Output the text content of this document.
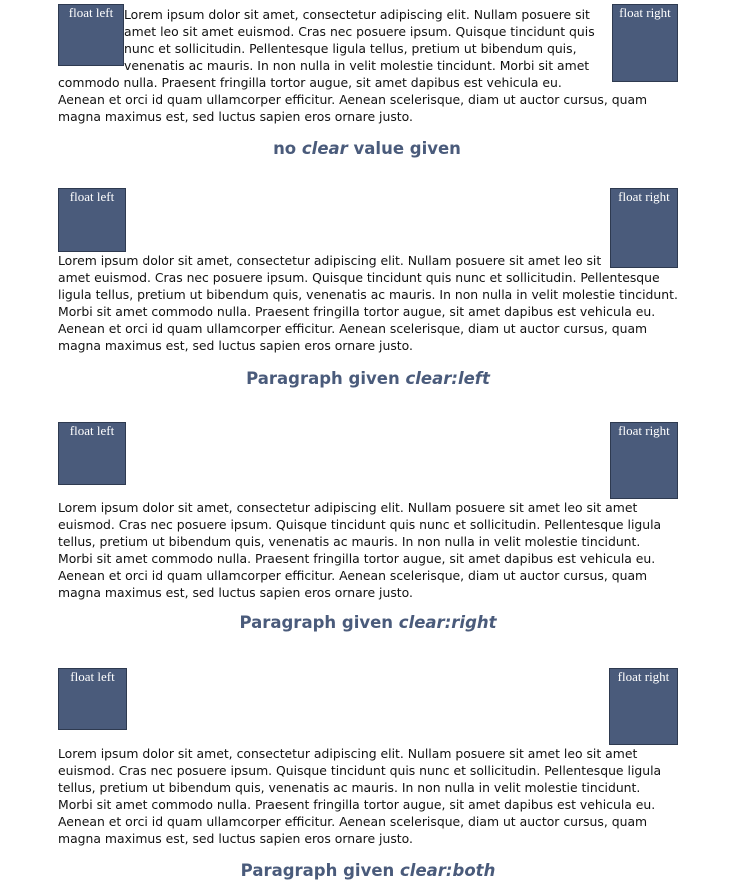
float left	float right

Lorem ipsum dolor sit amet, consectetur adipiscing elit. Nullam posuere sit amet leo sit amet euismod. Cras nec posuere ipsum. Quisque tincidunt quis nunc et sollicitudin. Pellentesque ligula tellus, pretium ut bibendum quis, venenatis ac mauris. In non nulla in velit molestie tincidunt. Morbi sit amet commodo nulla. Praesent fringilla tortor augue, sit amet dapibus est vehicula eu. Aenean et orci id quam ullamcorper efficitur. Aenean scelerisque, diam ut auctor cursus, quam magna maximus est, sed luctus sapien eros ornare justo.

no clear value given
float left	float right

Lorem ipsum dolor sit amet, consectetur adipiscing elit. Nullam posuere sit amet leo sit amet euismod. Cras nec posuere ipsum. Quisque tincidunt quis nunc et sollicitudin. Pellentesque ligula tellus, pretium ut bibendum quis, venenatis ac mauris. In non nulla in velit molestie tincidunt. Morbi sit amet commodo nulla. Praesent fringilla tortor augue, sit amet dapibus est vehicula eu. Aenean et orci id quam ullamcorper efficitur. Aenean scelerisque, diam ut auctor cursus, quam magna maximus est, sed luctus sapien eros ornare justo.

Paragraph given clear:left
float left	float right

Lorem ipsum dolor sit amet, consectetur adipiscing elit. Nullam posuere sit amet leo sit amet euismod. Cras nec posuere ipsum. Quisque tincidunt quis nunc et sollicitudin. Pellentesque ligula tellus, pretium ut bibendum quis, venenatis ac mauris. In non nulla in velit molestie tincidunt. Morbi sit amet commodo nulla. Praesent fringilla tortor augue, sit amet dapibus est vehicula eu. Aenean et orci id quam ullamcorper efficitur. Aenean scelerisque, diam ut auctor cursus, quam magna maximus est, sed luctus sapien eros ornare justo.

Paragraph given clear:right
float left	float right

Lorem ipsum dolor sit amet, consectetur adipiscing elit. Nullam posuere sit amet leo sit amet euismod. Cras nec posuere ipsum. Quisque tincidunt quis nunc et sollicitudin. Pellentesque ligula tellus, pretium ut bibendum quis, venenatis ac mauris. In non nulla in velit molestie tincidunt. Morbi sit amet commodo nulla. Praesent fringilla tortor augue, sit amet dapibus est vehicula eu. Aenean et orci id quam ullamcorper efficitur. Aenean scelerisque, diam ut auctor cursus, quam magna maximus est, sed luctus sapien eros ornare justo.

Paragraph given clear:both
